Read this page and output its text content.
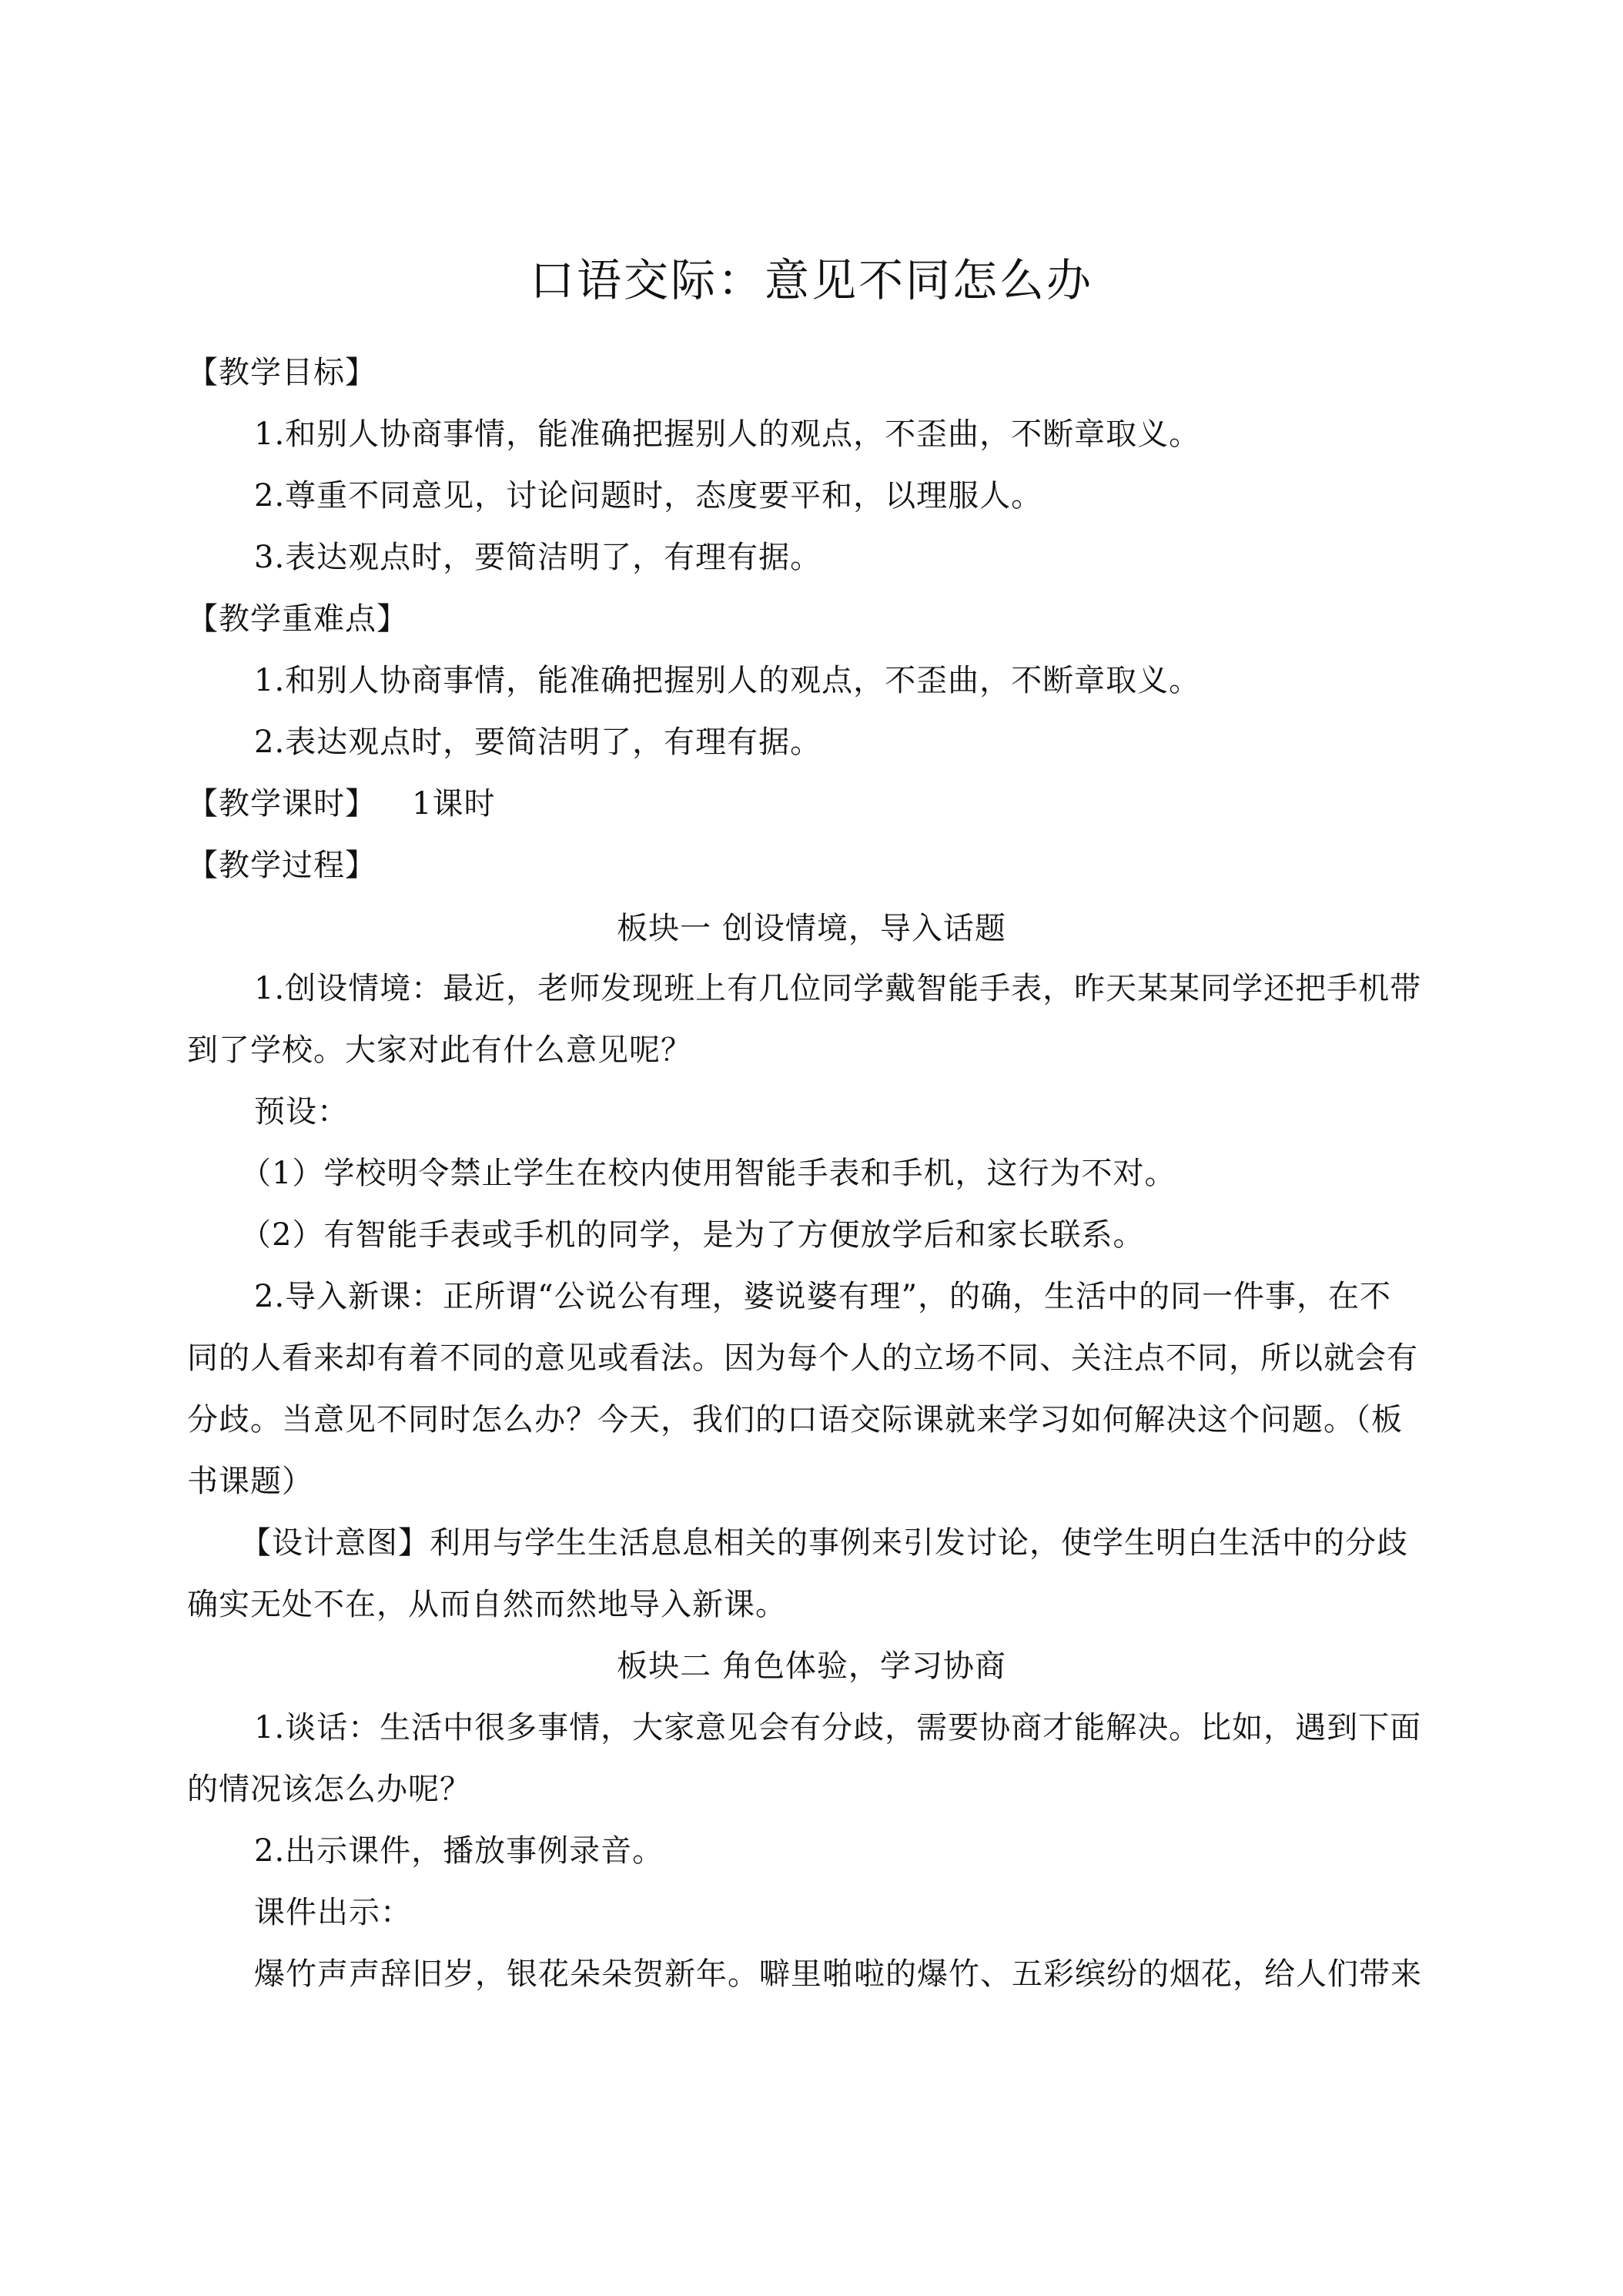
口语交际：意见不同怎么办
【教学目标】
1.和别人协商事情，能准确把握别人的观点，不歪曲，不断章取义。
2.尊重不同意见，讨论问题时，态度要平和，以理服人。
3.表达观点时，要简洁明了，有理有据。
【教学重难点】
1.和别人协商事情，能准确把握别人的观点，不歪曲，不断章取义。
2.表达观点时，要简洁明了，有理有据。
【教学课时】 1课时
【教学过程】
板块一 创设情境，导入话题
1.创设情境：最近，老师发现班上有几位同学戴智能手表，昨天某某同学还把手机带
到了学校。大家对此有什么意见呢？
预设：
（1）学校明令禁止学生在校内使用智能手表和手机，这行为不对。
（2）有智能手表或手机的同学，是为了方便放学后和家长联系。
2.导入新课：正所谓“公说公有理，婆说婆有理”，的确，生活中的同一件事，在不
同的人看来却有着不同的意见或看法。因为每个人的立场不同、关注点不同，所以就会有
分歧。当意见不同时怎么办？今天，我们的口语交际课就来学习如何解决这个问题。（板
书课题）
【设计意图】利用与学生生活息息相关的事例来引发讨论，使学生明白生活中的分歧
确实无处不在，从而自然而然地导入新课。
板块二 角色体验，学习协商
1.谈话：生活中很多事情，大家意见会有分歧，需要协商才能解决。比如，遇到下面
的情况该怎么办呢？
2.出示课件，播放事例录音。
课件出示：
爆竹声声辞旧岁，银花朵朵贺新年。噼里啪啦的爆竹、五彩缤纷的烟花，给人们带来
